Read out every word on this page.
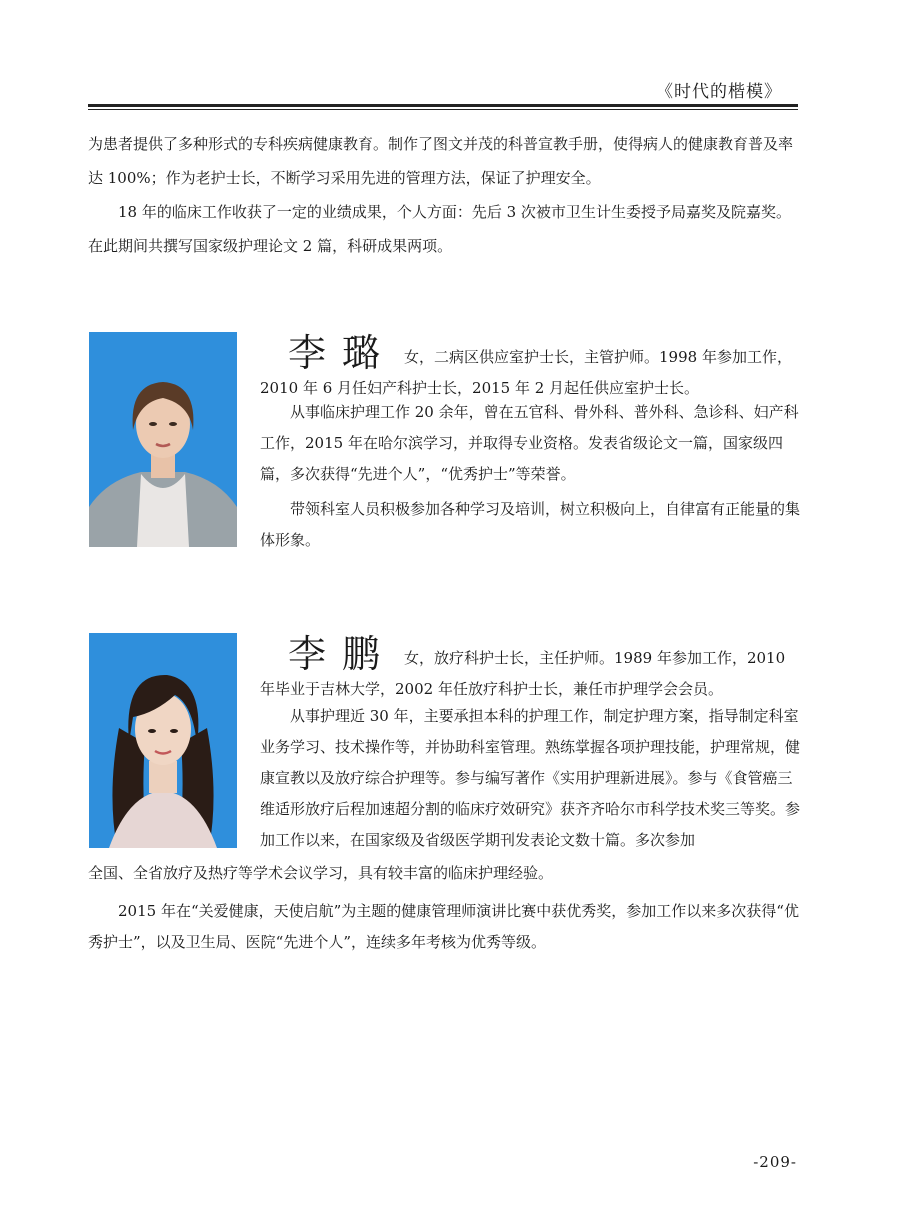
《时代的楷模》

为患者提供了多种形式的专科疾病健康教育。制作了图文并茂的科普宣教手册，使得病人的健康教育普及率达 100%；作为老护士长，不断学习采用先进的管理方法，保证了护理安全。

18 年的临床工作收获了一定的业绩成果，个人方面：先后 3 次被市卫生计生委授予局嘉奖及院嘉奖。在此期间共撰写国家级护理论文 2 篇，科研成果两项。

李璐 女，二病区供应室护士长，主管护师。1998 年参加工作，2010 年 6 月任妇产科护士长，2015 年 2 月起任供应室护士长。

从事临床护理工作 20 余年，曾在五官科、骨外科、普外科、急诊科、妇产科工作，2015 年在哈尔滨学习，并取得专业资格。发表省级论文一篇，国家级四篇，多次获得“先进个人”，“优秀护士”等荣誉。

带领科室人员积极参加各种学习及培训，树立积极向上，自律富有正能量的集体形象。

李鹏 女，放疗科护士长，主任护师。1989 年参加工作，2010 年毕业于吉林大学，2002 年任放疗科护士长，兼任市护理学会会员。

从事护理近 30 年，主要承担本科的护理工作，制定护理方案，指导制定科室业务学习、技术操作等，并协助科室管理。熟练掌握各项护理技能，护理常规，健康宣教以及放疗综合护理等。参与编写著作《实用护理新进展》。参与《食管癌三维适形放疗后程加速超分割的临床疗效研究》获齐齐哈尔市科学技术奖三等奖。参加工作以来，在国家级及省级医学期刊发表论文数十篇。多次参加

全国、全省放疗及热疗等学术会议学习，具有较丰富的临床护理经验。

2015 年在“关爱健康，天使启航”为主题的健康管理师演讲比赛中获优秀奖，参加工作以来多次获得“优秀护士”，以及卫生局、医院“先进个人”，连续多年考核为优秀等级。

-209-
